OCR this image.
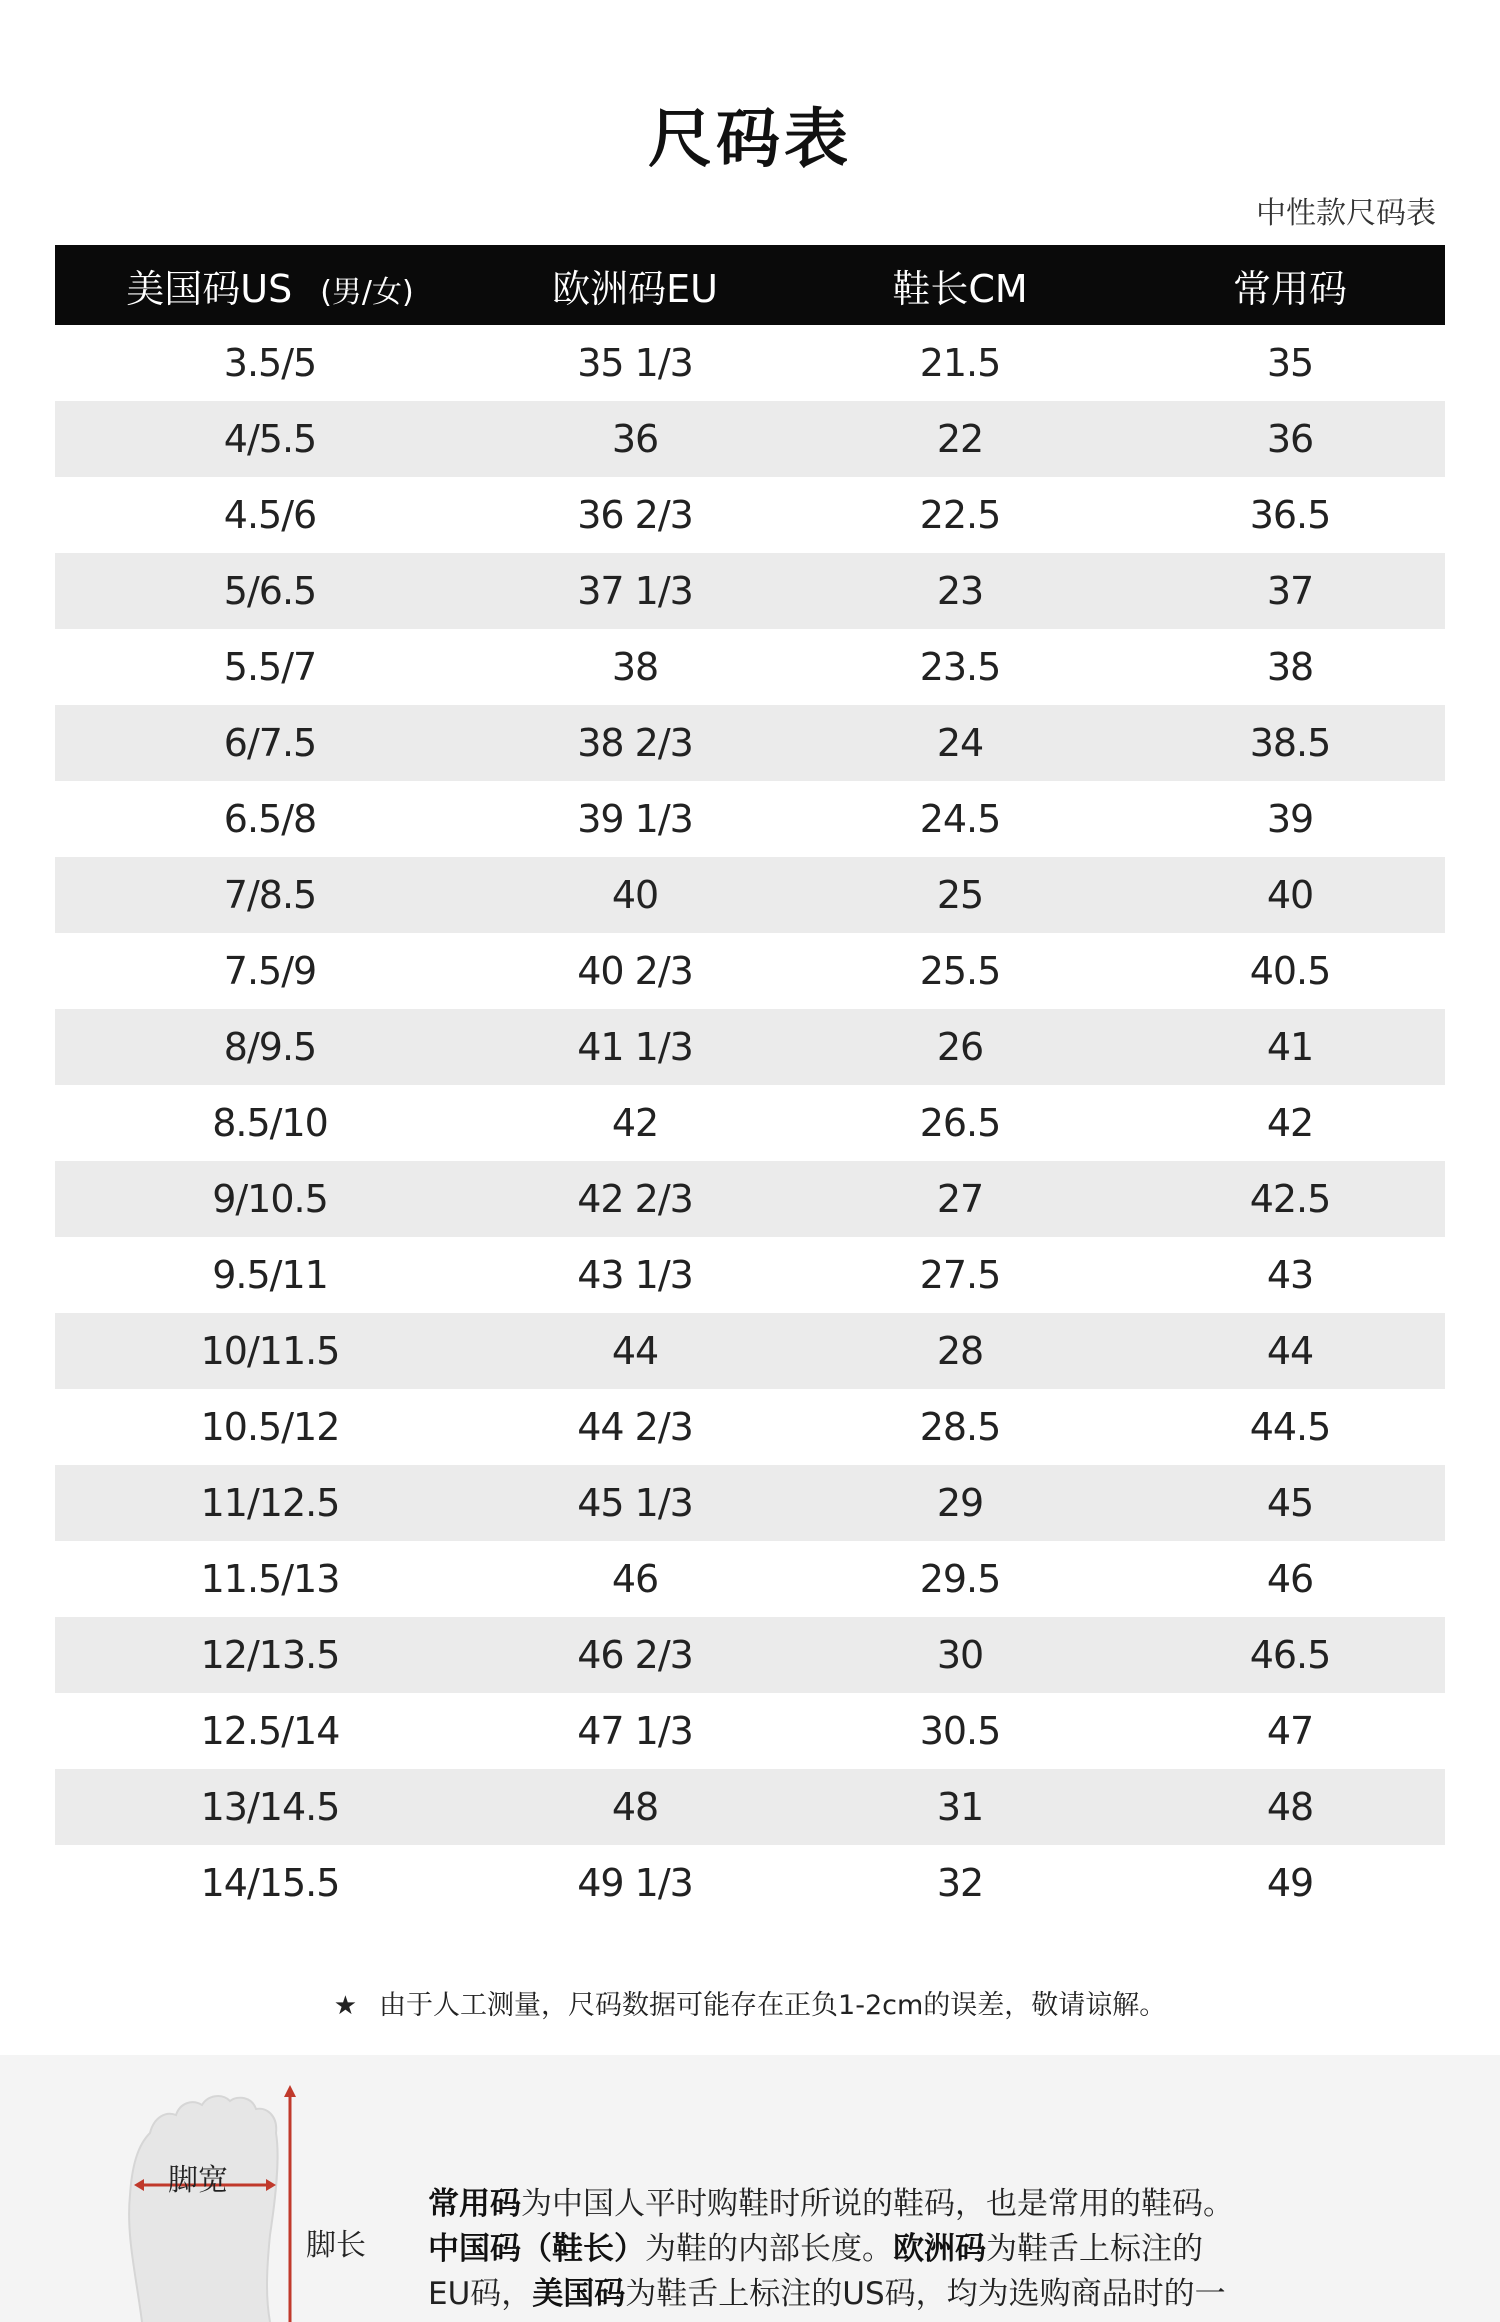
尺码表
中性款尺码表
美国码US (男/女)	欧洲码EU	鞋长CM	常用码
3.5/5	35 1/3	21.5	35
4/5.5	36	22	36
4.5/6	36 2/3	22.5	36.5
5/6.5	37 1/3	23	37
5.5/7	38	23.5	38
6/7.5	38 2/3	24	38.5
6.5/8	39 1/3	24.5	39
7/8.5	40	25	40
7.5/9	40 2/3	25.5	40.5
8/9.5	41 1/3	26	41
8.5/10	42	26.5	42
9/10.5	42 2/3	27	42.5
9.5/11	43 1/3	27.5	43
10/11.5	44	28	44
10.5/12	44 2/3	28.5	44.5
11/12.5	45 1/3	29	45
11.5/13	46	29.5	46
12/13.5	46 2/3	30	46.5
12.5/14	47 1/3	30.5	47
13/14.5	48	31	48
14/15.5	49 1/3	32	49
★ 由于人工测量，尺码数据可能存在正负1-2cm的误差，敬请谅解。
脚宽
脚长
常用码为中国人平时购鞋时所说的鞋码，也是常用的鞋码。
中国码（鞋长）为鞋的内部长度。欧洲码为鞋舌上标注的
EU码，美国码为鞋舌上标注的US码，均为选购商品时的一
